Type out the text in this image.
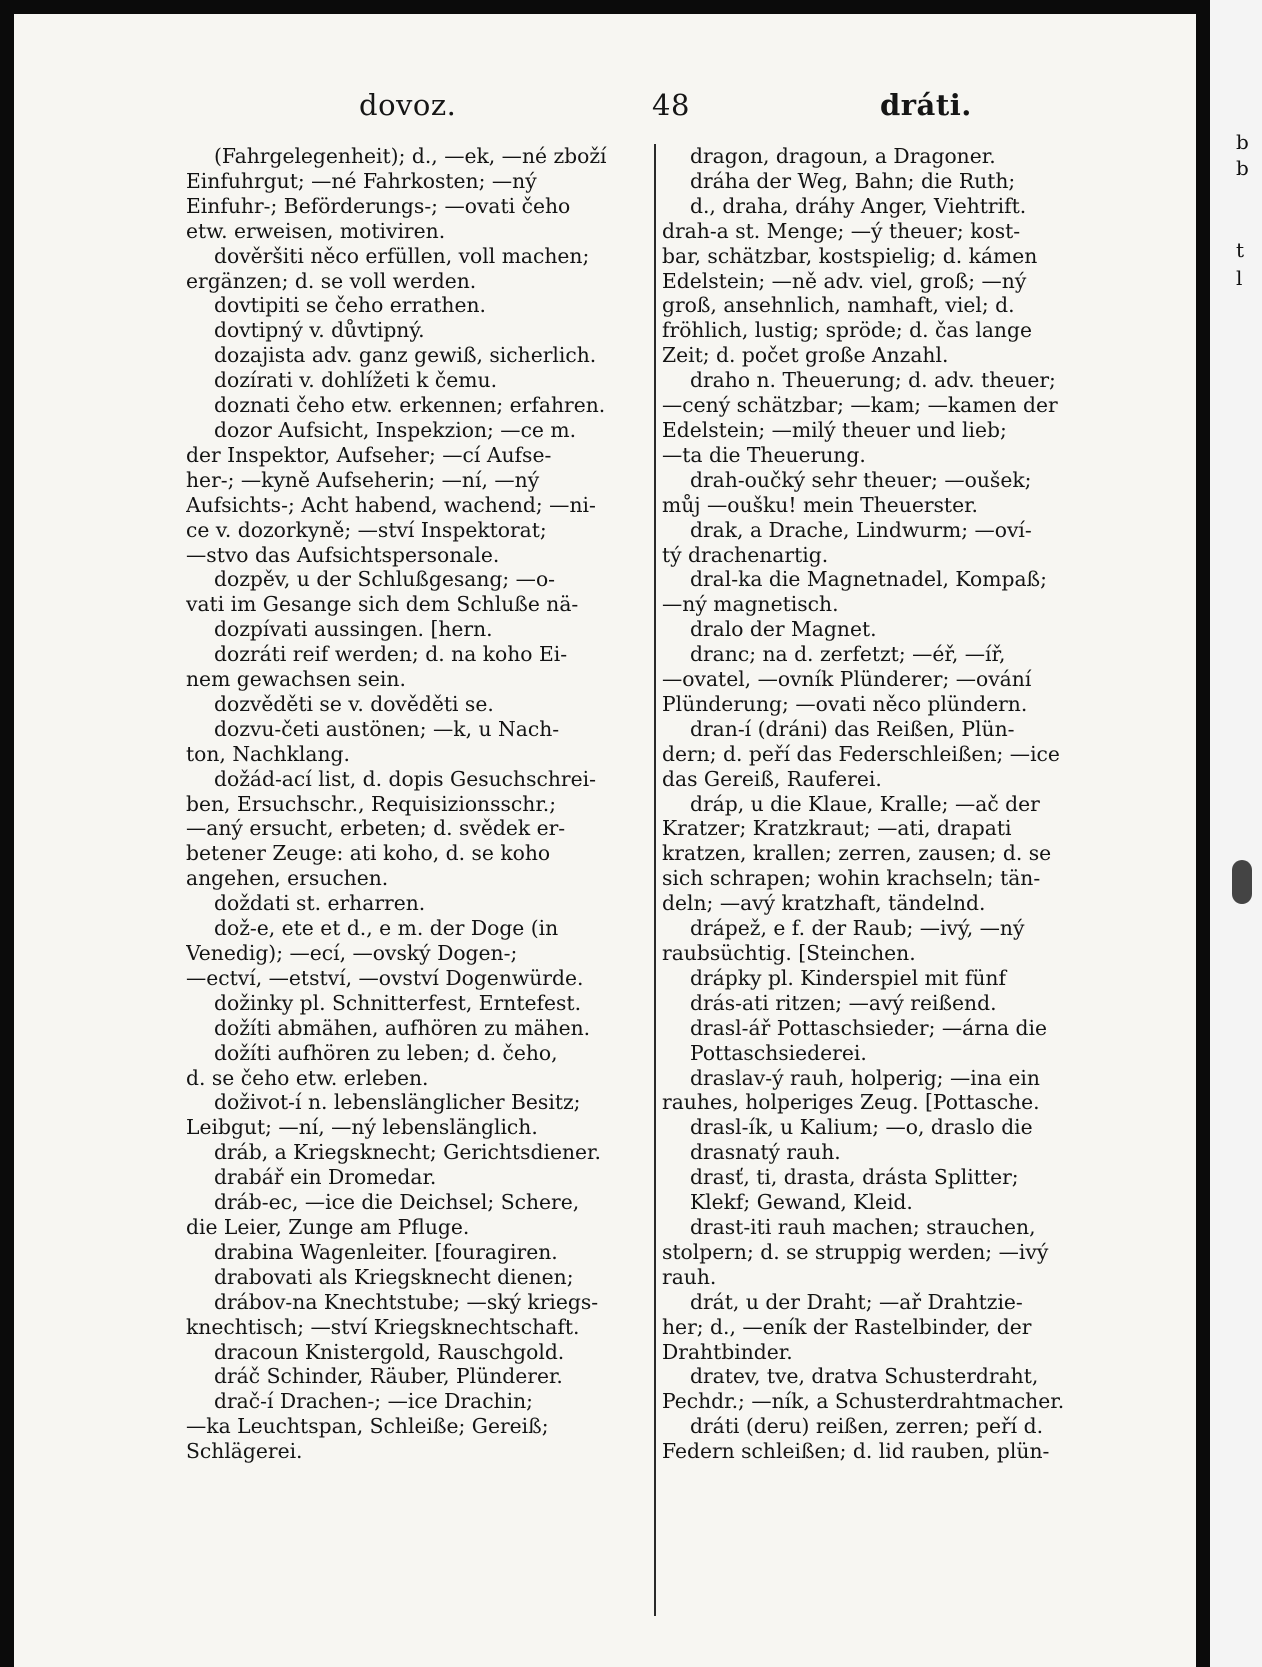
b
b
t
l
dovoz.	48	dráti.
(Fahrgelegenheit); d., —ek, —né zboží
Einfuhrgut; —né Fahrkosten; —ný
Einfuhr-; Beförderungs-; —ovati čeho
etw. erweisen, motiviren.
dověršiti něco erfüllen, voll machen;
ergänzen; d. se voll werden.
dovtipiti se čeho errathen.
dovtipný v. důvtipný.
dozajista adv. ganz gewiß, sicherlich.
dozírati v. dohlížeti k čemu.
doznati čeho etw. erkennen; erfahren.
dozor Aufsicht, Inspekzion; —ce m.
der Inspektor, Aufseher; —cí Aufse-
her-; —kyně Aufseherin; —ní, —ný
Aufsichts-; Acht habend, wachend; —ni-
ce v. dozorkyně; —ství Inspektorat;
—stvo das Aufsichtspersonale.
dozpěv, u der Schlußgesang; —o-
vati im Gesange sich dem Schluße nä-
dozpívati aussingen. [hern.
dozráti reif werden; d. na koho Ei-
nem gewachsen sein.
dozvěděti se v. dověděti se.
dozvu-četi austönen; —k, u Nach-
ton, Nachklang.
dožád-ací list, d. dopis Gesuchschrei-
ben, Ersuchschr., Requisizionsschr.;
—aný ersucht, erbeten; d. svědek er-
betener Zeuge: ati koho, d. se koho
angehen, ersuchen.
doždati st. erharren.
dož-e, ete et d., e m. der Doge (in
Venedig); —ecí, —ovský Dogen-;
—ectví, —etství, —ovství Dogenwürde.
dožinky pl. Schnitterfest, Erntefest.
dožíti abmähen, aufhören zu mähen.
dožíti aufhören zu leben; d. čeho,
d. se čeho etw. erleben.
doživot-í n. lebenslänglicher Besitz;
Leibgut; —ní, —ný lebenslänglich.
dráb, a Kriegsknecht; Gerichtsdiener.
drabář ein Dromedar.
dráb-ec, —ice die Deichsel; Schere,
die Leier, Zunge am Pfluge.
drabina Wagenleiter. [fouragiren.
drabovati als Kriegsknecht dienen;
drábov-na Knechtstube; —ský kriegs-
knechtisch; —ství Kriegsknechtschaft.
dracoun Knistergold, Rauschgold.
dráč Schinder, Räuber, Plünderer.
drač-í Drachen-; —ice Drachin;
—ka Leuchtspan, Schleiße; Gereiß;
Schlägerei.
dragon, dragoun, a Dragoner.
dráha der Weg, Bahn; die Ruth;
d., draha, dráhy Anger, Viehtrift.
drah-a st. Menge; —ý theuer; kost-
bar, schätzbar, kostspielig; d. kámen
Edelstein; —ně adv. viel, groß; —ný
groß, ansehnlich, namhaft, viel; d.
fröhlich, lustig; spröde; d. čas lange
Zeit; d. počet große Anzahl.
draho n. Theuerung; d. adv. theuer;
—cený schätzbar; —kam; —kamen der
Edelstein; —milý theuer und lieb;
—ta die Theuerung.
drah-oučký sehr theuer; —oušek;
můj —oušku! mein Theuerster.
drak, a Drache, Lindwurm; —oví-
tý drachenartig.
dral-ka die Magnetnadel, Kompaß;
—ný magnetisch.
dralo der Magnet.
dranc; na d. zerfetzt; —éř, —íř,
—ovatel, —ovník Plünderer; —ování
Plünderung; —ovati něco plündern.
dran-í (dráni) das Reißen, Plün-
dern; d. peří das Federschleißen; —ice
das Gereiß, Rauferei.
dráp, u die Klaue, Kralle; —ač der
Kratzer; Kratzkraut; —ati, drapati
kratzen, krallen; zerren, zausen; d. se
sich schrapen; wohin krachseln; tän-
deln; —avý kratzhaft, tändelnd.
drápež, e f. der Raub; —ivý, —ný
raubsüchtig. [Steinchen.
drápky pl. Kinderspiel mit fünf
drás-ati ritzen; —avý reißend.
drasl-ář Pottaschsieder; —árna die
Pottaschsiederei.
draslav-ý rauh, holperig; —ina ein
rauhes, holperiges Zeug. [Pottasche.
drasl-ík, u Kalium; —o, draslo die
drasnatý rauh.
drasť, ti, drasta, drásta Splitter;
Klekf; Gewand, Kleid.
drast-iti rauh machen; strauchen,
stolpern; d. se struppig werden; —ivý
rauh.
drát, u der Draht; —ař Drahtzie-
her; d., —eník der Rastelbinder, der
Drahtbinder.
dratev, tve, dratva Schusterdraht,
Pechdr.; —ník, a Schusterdrahtmacher.
dráti (deru) reißen, zerren; peří d.
Federn schleißen; d. lid rauben, plün-
